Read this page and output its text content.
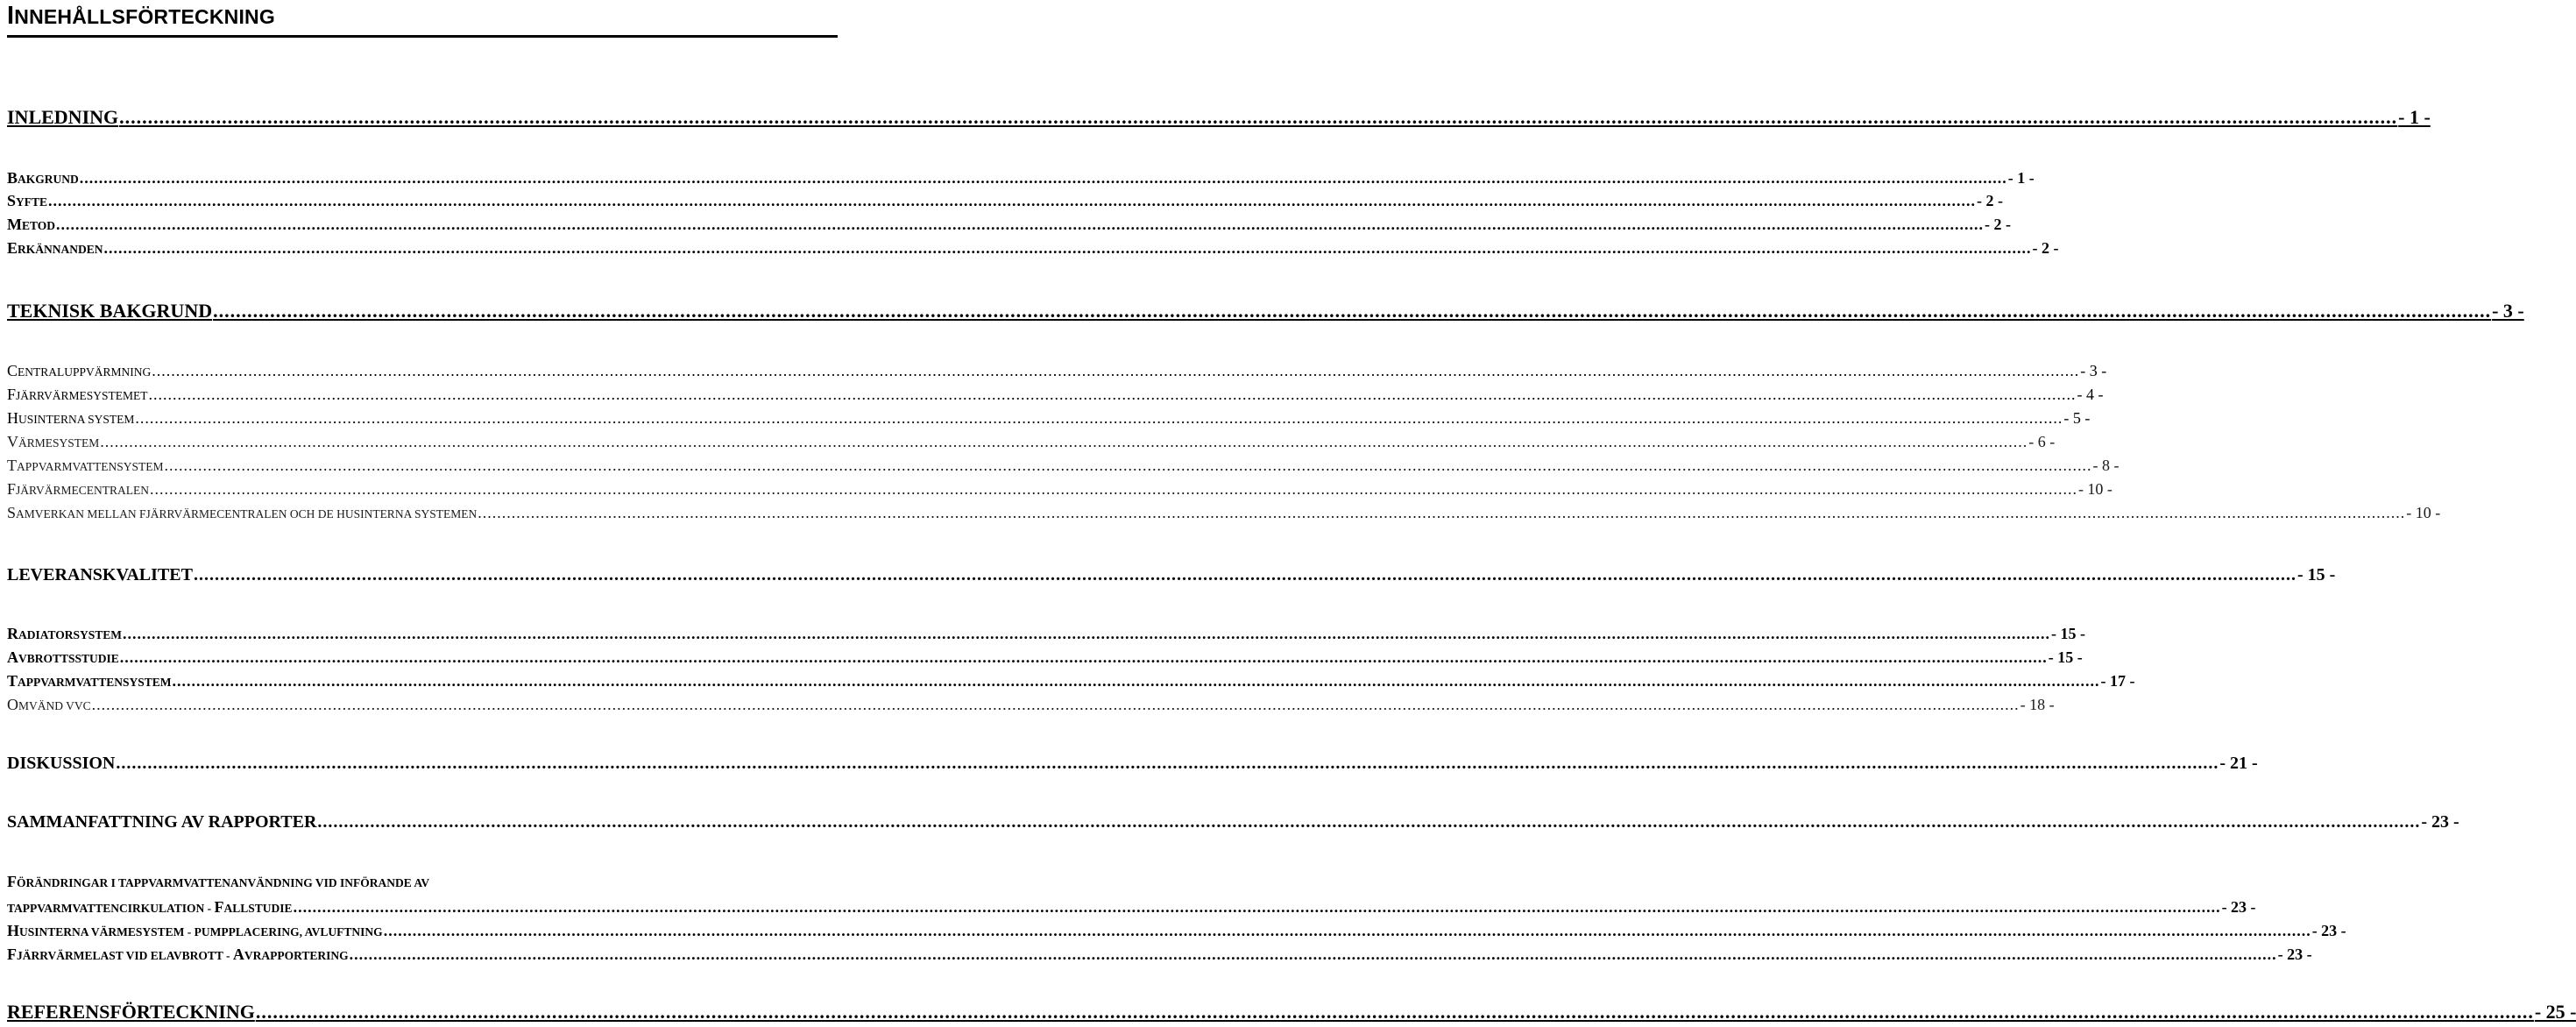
INNEHÅLLSFÖRTECKNING
INLEDNING ................................................................................................................................................................................................................................................................................................................................................................................................................ - 1 -
BAKGRUND ................................................................................................................................................................................................................................................................................................................................................................................................................ - 1 -
SYFTE ................................................................................................................................................................................................................................................................................................................................................................................................................ - 2 -
METOD ................................................................................................................................................................................................................................................................................................................................................................................................................ - 2 -
ERKÄNNANDEN ................................................................................................................................................................................................................................................................................................................................................................................................................ - 2 -
TEKNISK BAKGRUND ................................................................................................................................................................................................................................................................................................................................................................................................................ - 3 -
CENTRALUPPVÄRMNING ................................................................................................................................................................................................................................................................................................................................................................................................................ - 3 -
FJÄRRVÄRMESYSTEMET ................................................................................................................................................................................................................................................................................................................................................................................................................ - 4 -
HUSINTERNA SYSTEM ................................................................................................................................................................................................................................................................................................................................................................................................................ - 5 -
VÄRMESYSTEM ................................................................................................................................................................................................................................................................................................................................................................................................................ - 6 -
TAPPVARMVATTENSYSTEM ................................................................................................................................................................................................................................................................................................................................................................................................................ - 8 -
FJÄRVÄRMECENTRALEN ................................................................................................................................................................................................................................................................................................................................................................................................................ - 10 -
SAMVERKAN MELLAN FJÄRRVÄRMECENTRALEN OCH DE HUSINTERNA SYSTEMEN ................................................................................................................................................................................................................................................................................................................................................................................................................ - 10 -
LEVERANSKVALITET ................................................................................................................................................................................................................................................................................................................................................................................................................ - 15 -
RADIATORSYSTEM ................................................................................................................................................................................................................................................................................................................................................................................................................ - 15 -
AVBROTTSSTUDIE ................................................................................................................................................................................................................................................................................................................................................................................................................ - 15 -
TAPPVARMVATTENSYSTEM ................................................................................................................................................................................................................................................................................................................................................................................................................ - 17 -
OMVÄND VVC ................................................................................................................................................................................................................................................................................................................................................................................................................ - 18 -
DISKUSSION ................................................................................................................................................................................................................................................................................................................................................................................................................ - 21 -
SAMMANFATTNING AV RAPPORTER ................................................................................................................................................................................................................................................................................................................................................................................................................ - 23 -
FÖRÄNDRINGAR I TAPPVARMVATTENANVÄNDNING VID INFÖRANDE AV
TAPPVARMVATTENCIRKULATION - FALLSTUDIE ................................................................................................................................................................................................................................................................................................................................................................................................................ - 23 -
HUSINTERNA VÄRMESYSTEM - PUMPPLACERING, AVLUFTNING ................................................................................................................................................................................................................................................................................................................................................................................................................ - 23 -
FJÄRRVÄRMELAST VID ELAVBROTT - AVRAPPORTERING ................................................................................................................................................................................................................................................................................................................................................................................................................ - 23 -
REFERENSFÖRTECKNING ................................................................................................................................................................................................................................................................................................................................................................................................................ - 25 -
